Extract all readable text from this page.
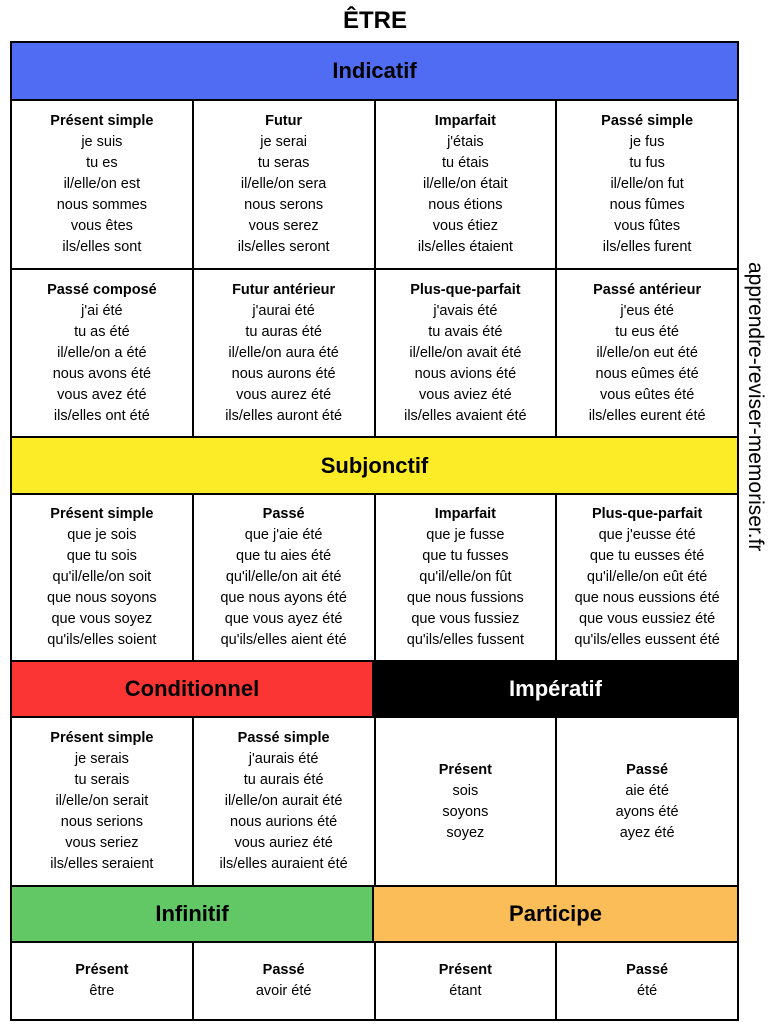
ÊTRE
Indicatif
Présent simple
je suis
tu es
il/elle/on est
nous sommes
vous êtes
ils/elles sont
Futur
je serai
tu seras
il/elle/on sera
nous serons
vous serez
ils/elles seront
Imparfait
j'étais
tu étais
il/elle/on était
nous étions
vous étiez
ils/elles étaient
Passé simple
je fus
tu fus
il/elle/on fut
nous fûmes
vous fûtes
ils/elles furent
Passé composé
j'ai été
tu as été
il/elle/on a été
nous avons été
vous avez été
ils/elles ont été
Futur antérieur
j'aurai été
tu auras été
il/elle/on aura été
nous aurons été
vous aurez été
ils/elles auront été
Plus-que-parfait
j'avais été
tu avais été
il/elle/on avait été
nous avions été
vous aviez été
ils/elles avaient été
Passé antérieur
j'eus été
tu eus été
il/elle/on eut été
nous eûmes été
vous eûtes été
ils/elles eurent été
Subjonctif
Présent simple
que je sois
que tu sois
qu'il/elle/on soit
que nous soyons
que vous soyez
qu'ils/elles soient
Passé
que j'aie été
que tu aies été
qu'il/elle/on ait été
que nous ayons été
que vous ayez été
qu'ils/elles aient été
Imparfait
que je fusse
que tu fusses
qu'il/elle/on fût
que nous fussions
que vous fussiez
qu'ils/elles fussent
Plus-que-parfait
que j'eusse été
que tu eusses été
qu'il/elle/on eût été
que nous eussions été
que vous eussiez été
qu'ils/elles eussent été
Conditionnel	Impératif
Présent simple
je serais
tu serais
il/elle/on serait
nous serions
vous seriez
ils/elles seraient
Passé simple
j'aurais été
tu aurais été
il/elle/on aurait été
nous aurions été
vous auriez été
ils/elles auraient été
Présent
sois
soyons
soyez
Passé
aie été
ayons été
ayez été
Infinitif	Participe
Présent
être
Passé
avoir été
Présent
étant
Passé
été
apprendre-reviser-memoriser.fr
